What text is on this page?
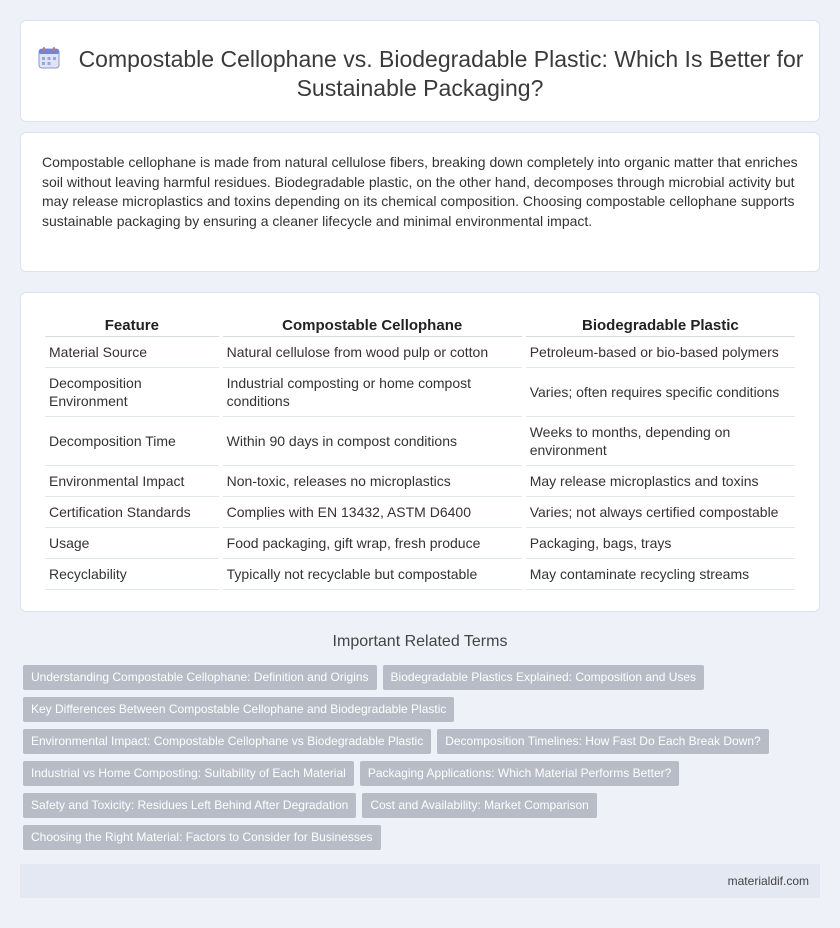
Compostable Cellophane vs. Biodegradable Plastic: Which Is Better for Sustainable Packaging?

Compostable cellophane is made from natural cellulose fibers, breaking down completely into organic matter that enriches soil without leaving harmful residues. Biodegradable plastic, on the other hand, decomposes through microbial activity but may release microplastics and toxins depending on its chemical composition. Choosing compostable cellophane supports sustainable packaging by ensuring a cleaner lifecycle and minimal environmental impact.

Feature	Compostable Cellophane	Biodegradable Plastic
Material Source	Natural cellulose from wood pulp or cotton	Petroleum-based or bio-based polymers
Decomposition Environment	Industrial composting or home compost conditions	Varies; often requires specific conditions
Decomposition Time	Within 90 days in compost conditions	Weeks to months, depending on environment
Environmental Impact	Non-toxic, releases no microplastics	May release microplastics and toxins
Certification Standards	Complies with EN 13432, ASTM D6400	Varies; not always certified compostable
Usage	Food packaging, gift wrap, fresh produce	Packaging, bags, trays
Recyclability	Typically not recyclable but compostable	May contaminate recycling streams
Important Related Terms
Understanding Compostable Cellophane: Definition and Origins Biodegradable Plastics Explained: Composition and Uses
Key Differences Between Compostable Cellophane and Biodegradable Plastic
Environmental Impact: Compostable Cellophane vs Biodegradable Plastic Decomposition Timelines: How Fast Do Each Break Down?
Industrial vs Home Composting: Suitability of Each Material Packaging Applications: Which Material Performs Better?
Safety and Toxicity: Residues Left Behind After Degradation Cost and Availability: Market Comparison
Choosing the Right Material: Factors to Consider for Businesses
materialdif.com
